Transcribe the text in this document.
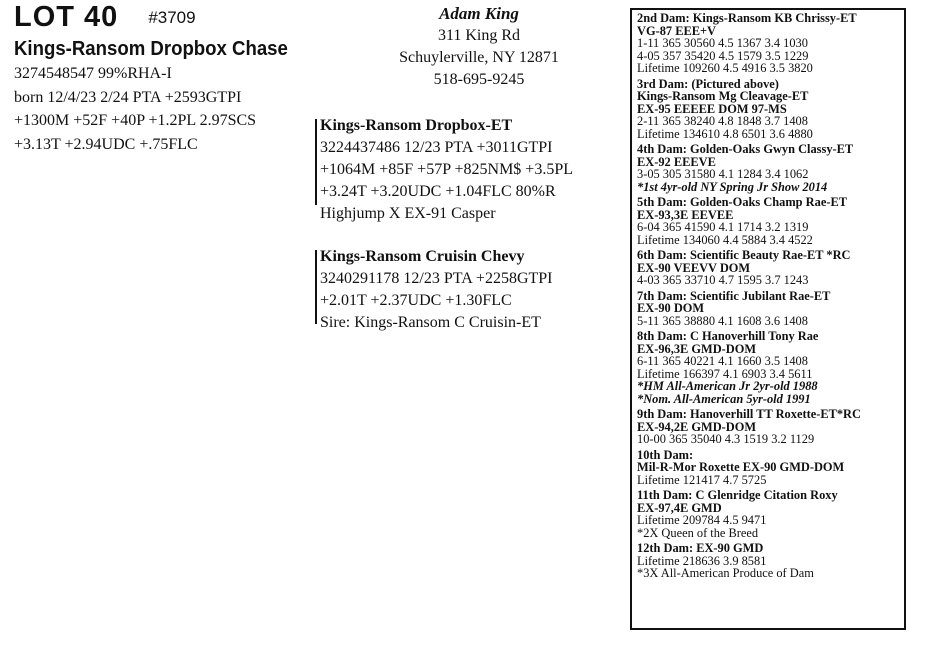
LOT 40 #3709
Kings-Ransom Dropbox Chase
3274548547 99%RHA-I
born 12/4/23 2/24 PTA +2593GTPI
+1300M +52F +40P +1.2PL 2.97SCS
+3.13T +2.94UDC +.75FLC
Adam King
311 King Rd
Schuylerville, NY 12871
518-695-9245
Kings-Ransom Dropbox-ET
3224437486 12/23 PTA +3011GTPI
+1064M +85F +57P +825NM$ +3.5PL
+3.24T +3.20UDC +1.04FLC 80%R
Highjump X EX-91 Casper
Kings-Ransom Cruisin Chevy
3240291178 12/23 PTA +2258GTPI
+2.01T +2.37UDC +1.30FLC
Sire: Kings-Ransom C Cruisin-ET
2nd Dam: Kings-Ransom KB Chrissy-ET
VG-87 EEE+V
1-11 365 30560 4.5 1367 3.4 1030
4-05 357 35420 4.5 1579 3.5 1229
Lifetime 109260 4.5 4916 3.5 3820
3rd Dam: (Pictured above)
Kings-Ransom Mg Cleavage-ET
EX-95 EEEEE DOM 97-MS
2-11 365 38240 4.8 1848 3.7 1408
Lifetime 134610 4.8 6501 3.6 4880
4th Dam: Golden-Oaks Gwyn Classy-ET
EX-92 EEEVE
3-05 305 31580 4.1 1284 3.4 1062
*1st 4yr-old NY Spring Jr Show 2014
5th Dam: Golden-Oaks Champ Rae-ET
EX-93,3E EEVEE
6-04 365 41590 4.1 1714 3.2 1319
Lifetime 134060 4.4 5884 3.4 4522
6th Dam: Scientific Beauty Rae-ET *RC
EX-90 VEEVV DOM
4-03 365 33710 4.7 1595 3.7 1243
7th Dam: Scientific Jubilant Rae-ET
EX-90 DOM
5-11 365 38880 4.1 1608 3.6 1408
8th Dam: C Hanoverhill Tony Rae
EX-96,3E GMD-DOM
6-11 365 40221 4.1 1660 3.5 1408
Lifetime 166397 4.1 6903 3.4 5611
*HM All-American Jr 2yr-old 1988
*Nom. All-American 5yr-old 1991
9th Dam: Hanoverhill TT Roxette-ET*RC
EX-94,2E GMD-DOM
10-00 365 35040 4.3 1519 3.2 1129
10th Dam:
Mil-R-Mor Roxette EX-90 GMD-DOM
Lifetime 121417 4.7 5725
11th Dam: C Glenridge Citation Roxy
EX-97,4E GMD
Lifetime 209784 4.5 9471
*2X Queen of the Breed
12th Dam: EX-90 GMD
Lifetime 218636 3.9 8581
*3X All-American Produce of Dam
